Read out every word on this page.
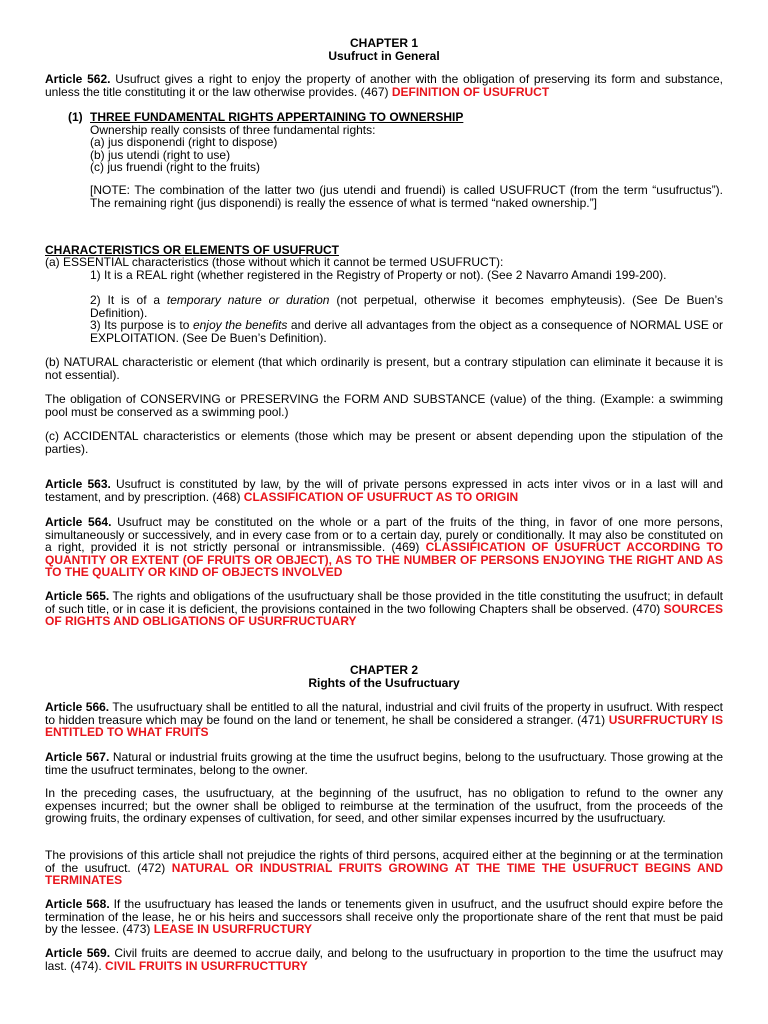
CHAPTER 1
Usufruct in General

Article 562. Usufruct gives a right to enjoy the property of another with the obligation of preserving its form and substance, unless the title constituting it or the law otherwise provides. (467) DEFINITION OF USUFRUCT

(1) THREE FUNDAMENTAL RIGHTS APPERTAINING TO OWNERSHIP

Ownership really consists of three fundamental rights:

(a) jus disponendi (right to dispose)

(b) jus utendi (right to use)

(c) jus fruendi (right to the fruits)

[NOTE: The combination of the latter two (jus utendi and fruendi) is called USUFRUCT (from the term “usufructus”). The remaining right (jus disponendi) is really the essence of what is termed “naked ownership.”]

CHARACTERISTICS OR ELEMENTS OF USUFRUCT

(a) ESSENTIAL characteristics (those without which it cannot be termed USUFRUCT):

1) It is a REAL right (whether registered in the Registry of Property or not). (See 2 Navarro Amandi 199-200).

2) It is of a temporary nature or duration (not perpetual, otherwise it becomes emphyteusis). (See De Buen’s Definition).

3) Its purpose is to enjoy the benefits and derive all advantages from the object as a consequence of NORMAL USE or EXPLOITATION. (See De Buen’s Definition).

(b) NATURAL characteristic or element (that which ordinarily is present, but a contrary stipulation can eliminate it because it is not essential).

The obligation of CONSERVING or PRESERVING the FORM AND SUBSTANCE (value) of the thing. (Example: a swimming pool must be conserved as a swimming pool.)

(c) ACCIDENTAL characteristics or elements (those which may be present or absent depending upon the stipulation of the parties).

Article 563. Usufruct is constituted by law, by the will of private persons expressed in acts inter vivos or in a last will and testament, and by prescription. (468) CLASSIFICATION OF USUFRUCT AS TO ORIGIN

Article 564. Usufruct may be constituted on the whole or a part of the fruits of the thing, in favor of one more persons, simultaneously or successively, and in every case from or to a certain day, purely or conditionally. It may also be constituted on a right, provided it is not strictly personal or intransmissible. (469) CLASSIFICATION OF USUFRUCT ACCORDING TO QUANTITY OR EXTENT (OF FRUITS OR OBJECT), AS TO THE NUMBER OF PERSONS ENJOYING THE RIGHT AND AS TO THE QUALITY OR KIND OF OBJECTS INVOLVED

Article 565. The rights and obligations of the usufructuary shall be those provided in the title constituting the usufruct; in default of such title, or in case it is deficient, the provisions contained in the two following Chapters shall be observed. (470) SOURCES OF RIGHTS AND OBLIGATIONS OF USURFRUCTUARY

CHAPTER 2
Rights of the Usufructuary

Article 566. The usufructuary shall be entitled to all the natural, industrial and civil fruits of the property in usufruct. With respect to hidden treasure which may be found on the land or tenement, he shall be considered a stranger. (471) USURFRUCTURY IS ENTITLED TO WHAT FRUITS

Article 567. Natural or industrial fruits growing at the time the usufruct begins, belong to the usufructuary. Those growing at the time the usufruct terminates, belong to the owner.

In the preceding cases, the usufructuary, at the beginning of the usufruct, has no obligation to refund to the owner any expenses incurred; but the owner shall be obliged to reimburse at the termination of the usufruct, from the proceeds of the growing fruits, the ordinary expenses of cultivation, for seed, and other similar expenses incurred by the usufructuary.

The provisions of this article shall not prejudice the rights of third persons, acquired either at the beginning or at the termination of the usufruct. (472) NATURAL OR INDUSTRIAL FRUITS GROWING AT THE TIME THE USUFRUCT BEGINS AND TERMINATES

Article 568. If the usufructuary has leased the lands or tenements given in usufruct, and the usufruct should expire before the termination of the lease, he or his heirs and successors shall receive only the proportionate share of the rent that must be paid by the lessee. (473) LEASE IN USURFRUCTURY

Article 569. Civil fruits are deemed to accrue daily, and belong to the usufructuary in proportion to the time the usufruct may last. (474). CIVIL FRUITS IN USURFRUCTTURY
